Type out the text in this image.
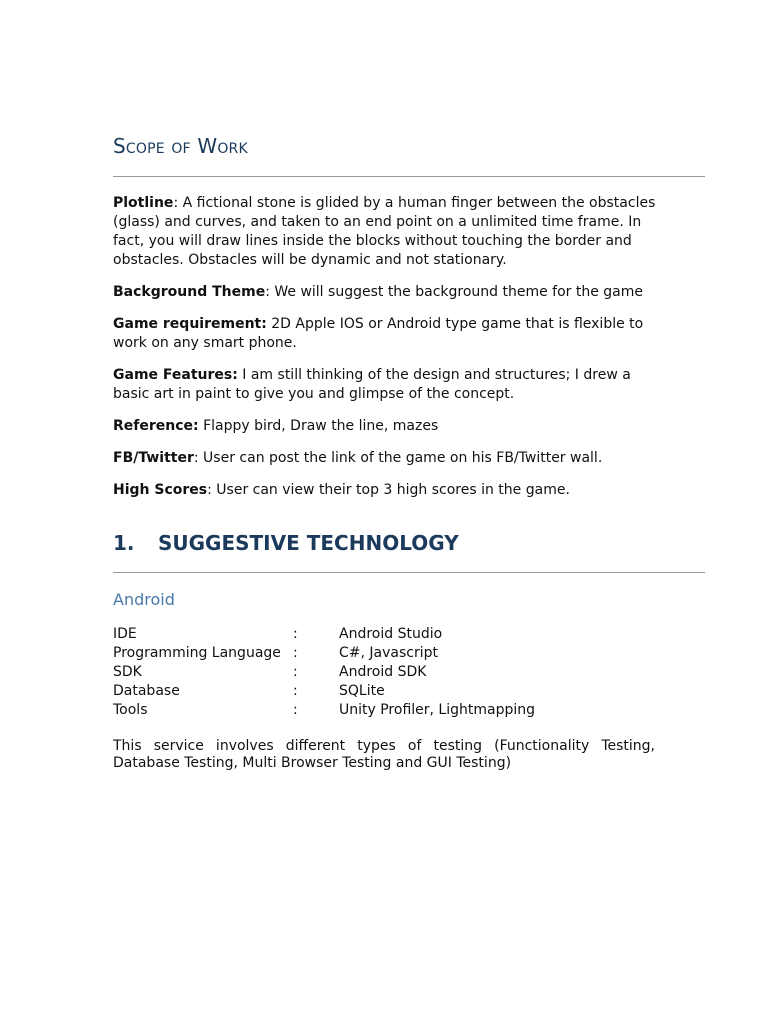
Scope of Work

Plotline: A fictional stone is glided by a human finger between the obstacles (glass) and curves, and taken to an end point on a unlimited time frame. In fact, you will draw lines inside the blocks without touching the border and obstacles. Obstacles will be dynamic and not stationary.

Background Theme: We will suggest the background theme for the game

Game requirement: 2D Apple IOS or Android type game that is flexible to work on any smart phone.

Game Features: I am still thinking of the design and structures; I drew a basic art in paint to give you and glimpse of the concept.

Reference: Flappy bird, Draw the line, mazes

FB/Twitter: User can post the link of the game on his FB/Twitter wall.

High Scores: User can view their top 3 high scores in the game.

1. SUGGESTIVE TECHNOLOGY
Android
IDE	:	Android Studio
Programming Language :	C#, Javascript
SDK	:	Android SDK
Database	:	SQLite
Tools	:	Unity Profiler, Lightmapping

This service involves different types of testing (Functionality Testing, Database Testing, Multi Browser Testing and GUI Testing)
